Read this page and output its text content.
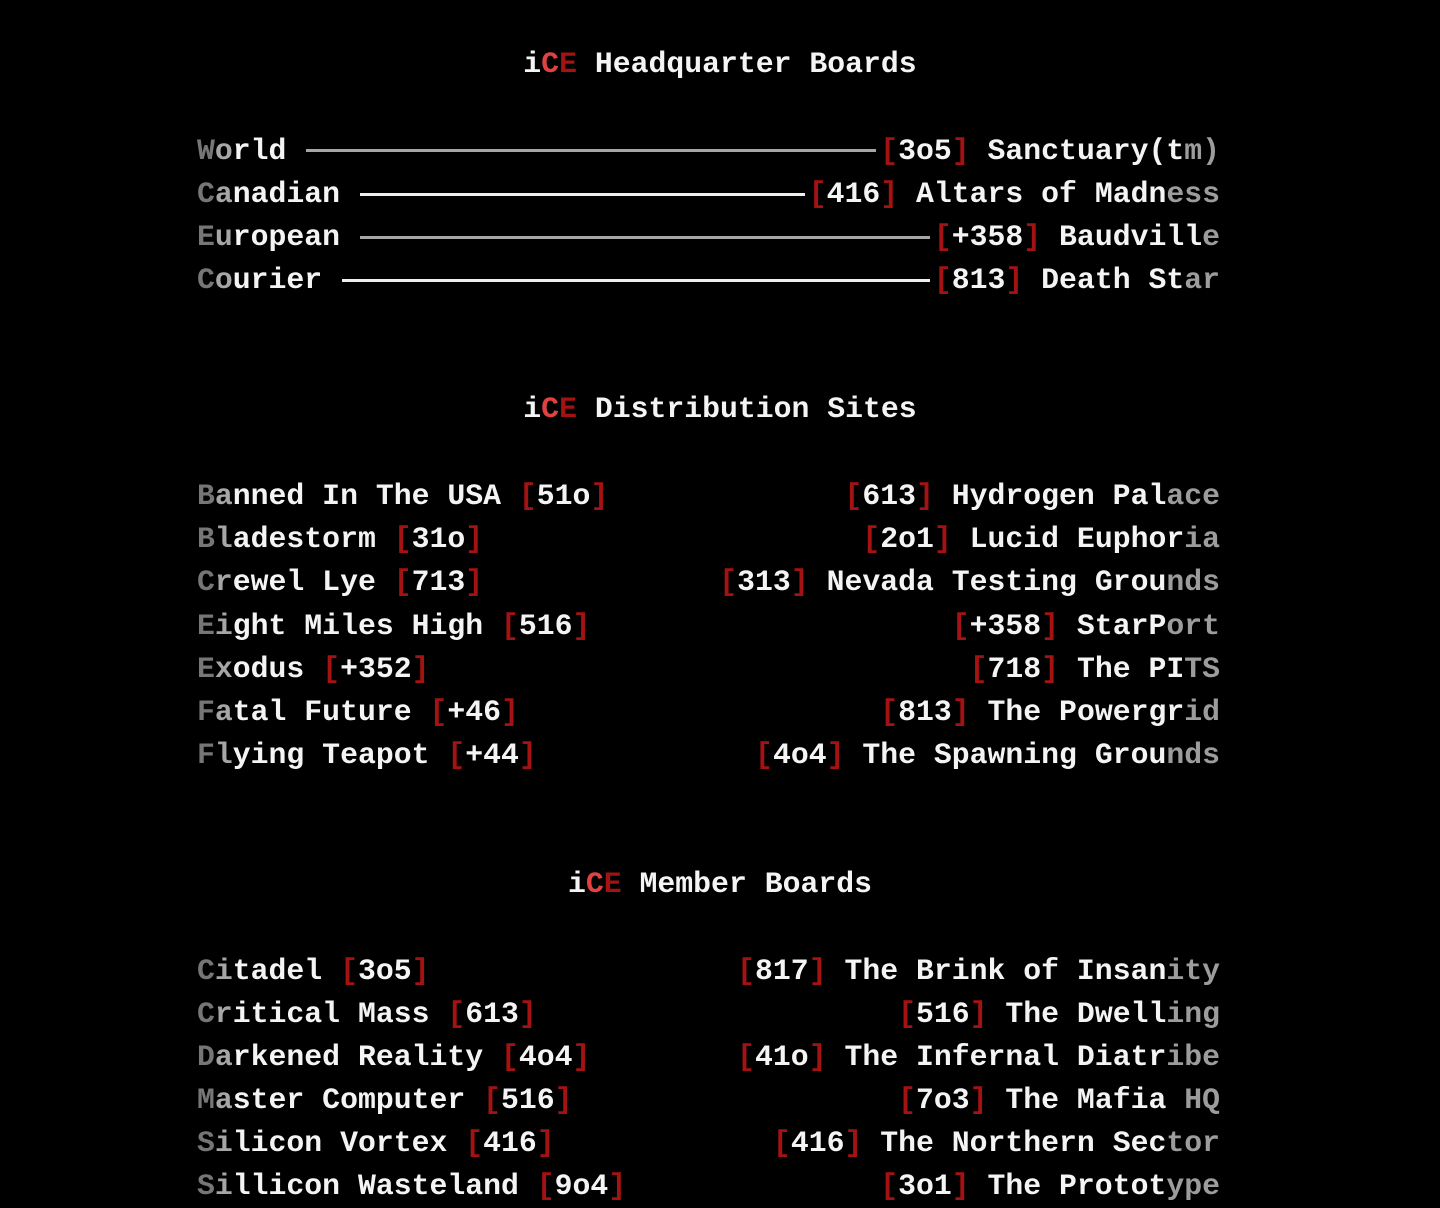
iCE Headquarter Boards
World	[3o5] Sanctuary(tm)
Canadian	[416] Altars of Madness
European	[+358] Baudville
Courier	[813] Death Star
iCE Distribution Sites
Banned In The USA [51o]	[613] Hydrogen Palace
Bladestorm [31o]	[2o1] Lucid Euphoria
Crewel Lye [713]	[313] Nevada Testing Grounds
Eight Miles High [516]	[+358] StarPort
Exodus [+352]	[718] The PITS
Fatal Future [+46]	[813] The Powergrid
Flying Teapot [+44]	[4o4] The Spawning Grounds
iCE Member Boards
Citadel [3o5]	[817] The Brink of Insanity
Critical Mass [613]	[516] The Dwelling
Darkened Reality [4o4]	[41o] The Infernal Diatribe
Master Computer [516]	[7o3] The Mafia HQ
Silicon Vortex [416]	[416] The Northern Sector
Sillicon Wasteland [9o4]	[3o1] The Prototype
